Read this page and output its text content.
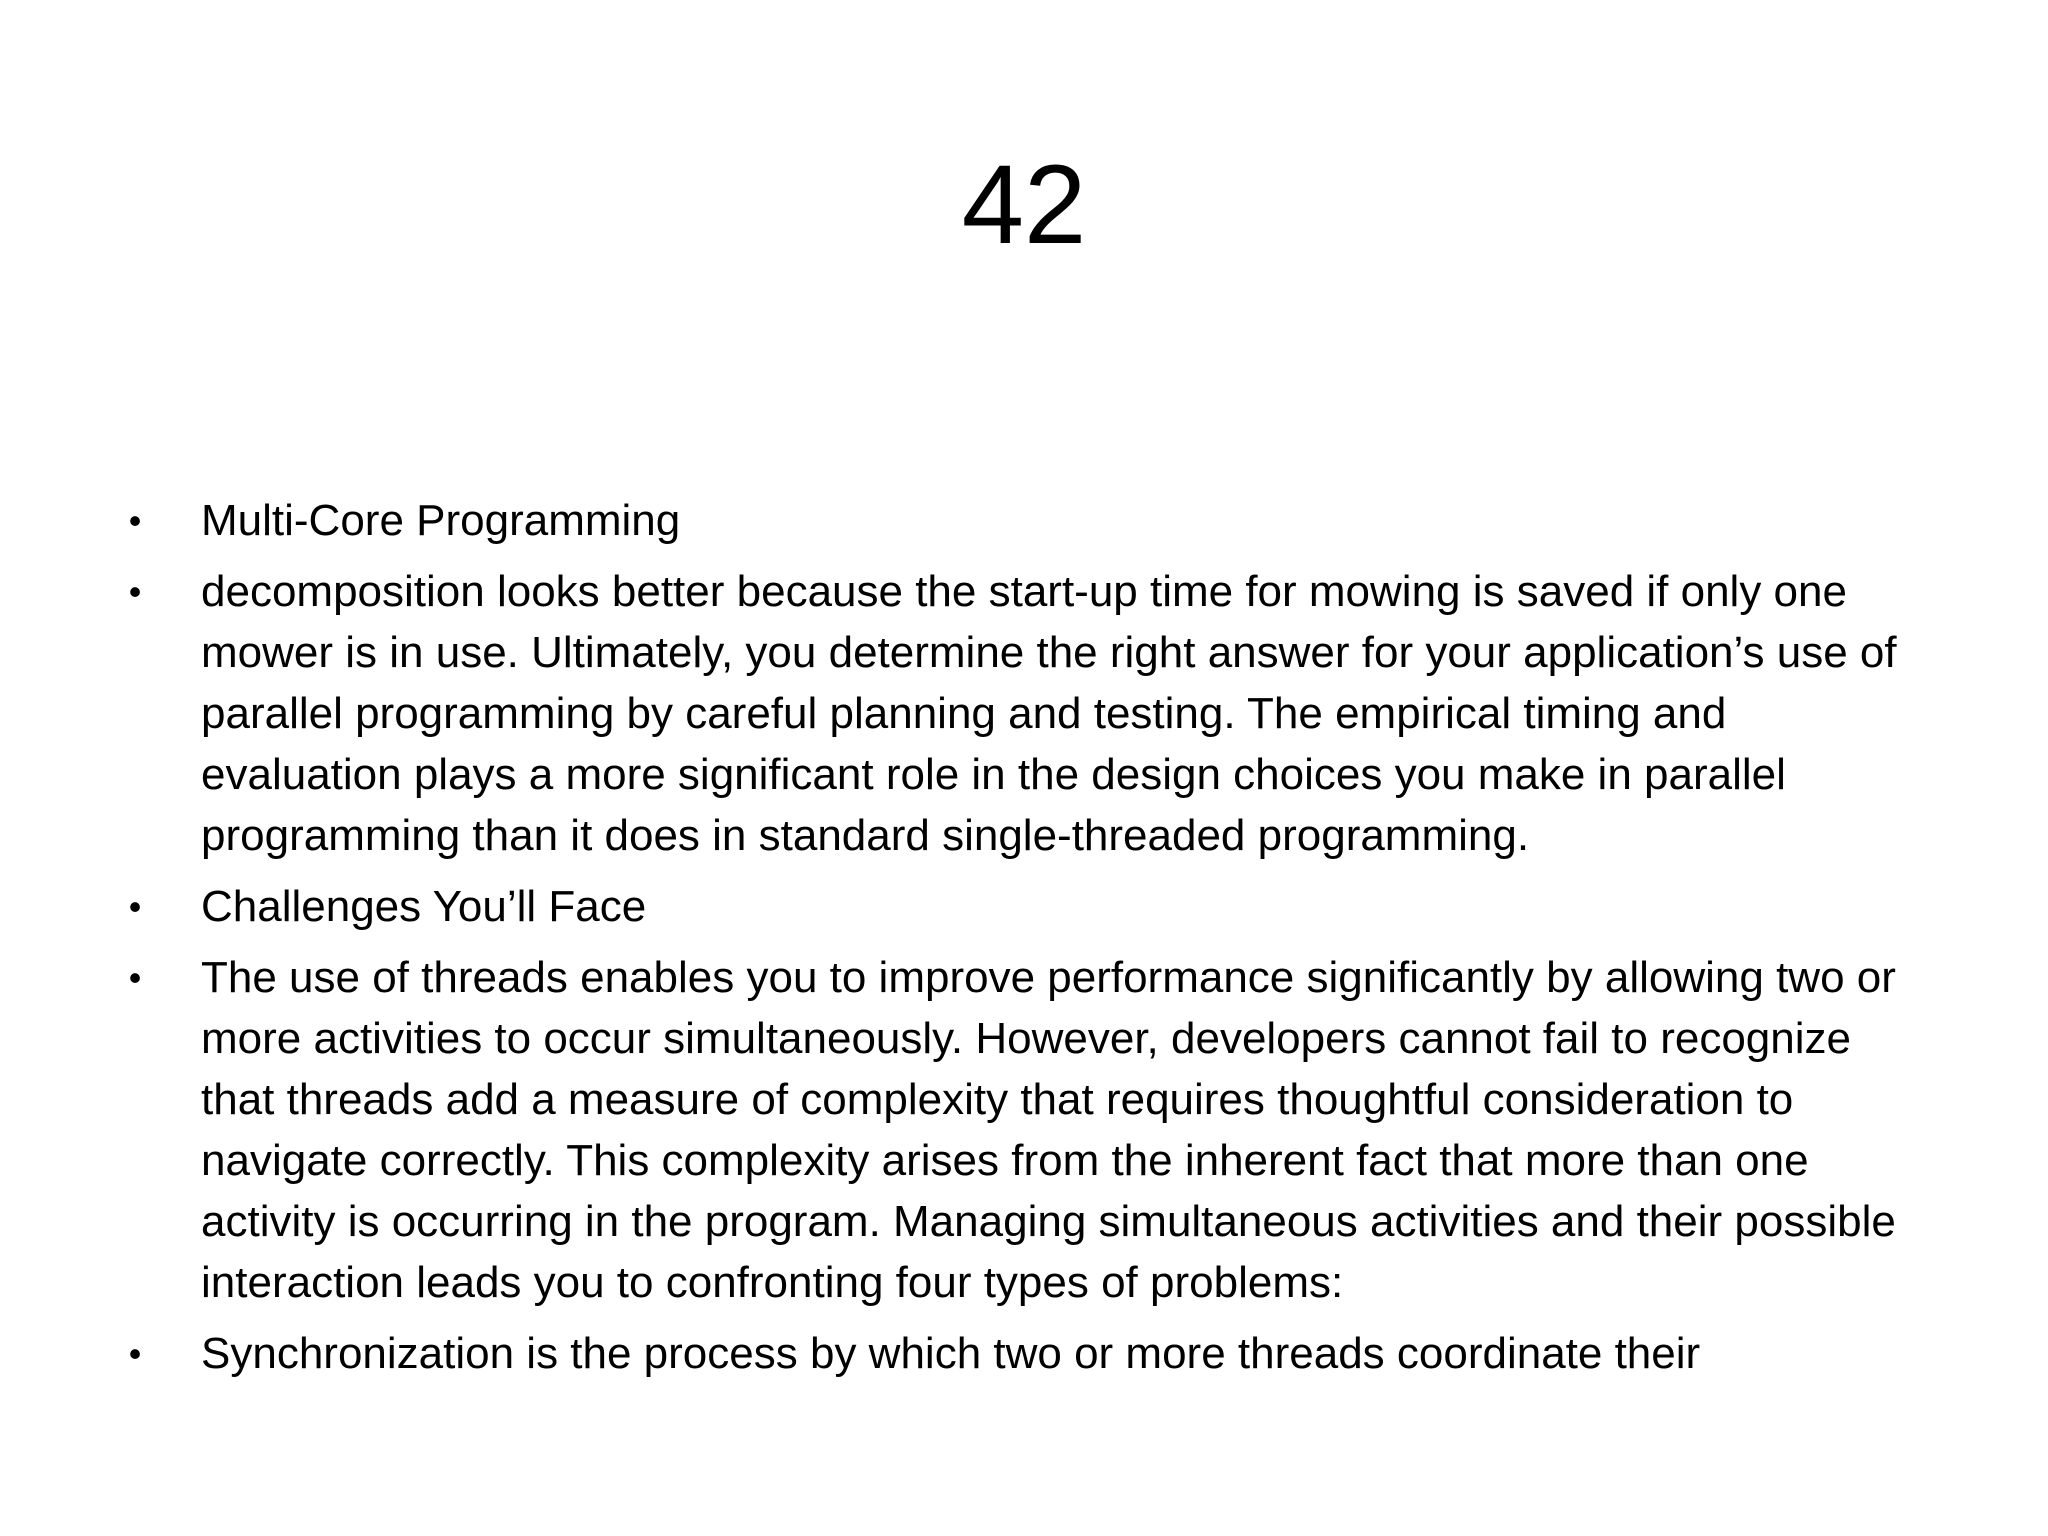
42
• Multi-Core Programming
• decomposition looks better because the start-up time for mowing is saved if only one mower is in use. Ultimately, you determine the right answer for your application’s use of parallel programming by careful planning and testing. The empirical timing and evaluation plays a more significant role in the design choices you make in parallel programming than it does in standard single-threaded programming.
• Challenges You’ll Face
• The use of threads enables you to improve performance significantly by allowing two or more activities to occur simultaneously. However, developers cannot fail to recognize that threads add a measure of complexity that requires thoughtful consideration to navigate correctly. This complexity arises from the inherent fact that more than one activity is occurring in the program. Managing simultaneous activities and their possible interaction leads you to confronting four types of problems:
• Synchronization is the process by which two or more threads coordinate their
